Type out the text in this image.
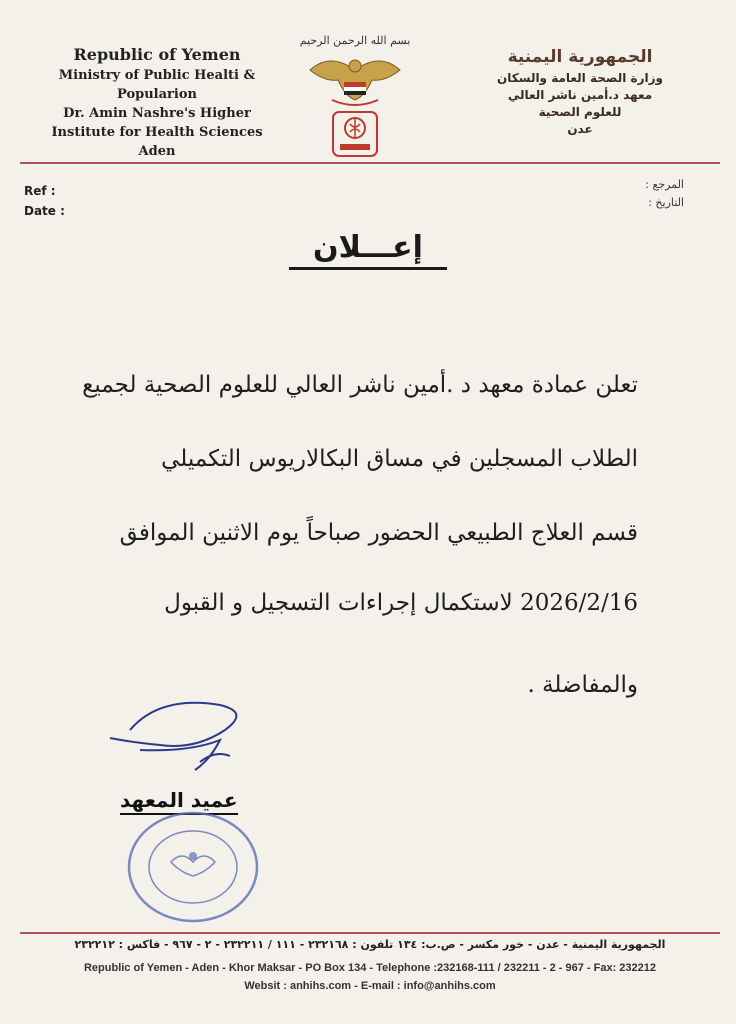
Republic of Yemen
Ministry of Public Healti & Popularion
Dr. Amin Nashre's Higher
Institute for Health Sciences
Aden
بسم الله الرحمن الرحيم
الجمهورية اليمنية
وزارة الصحة العامة والسكان
معهد د.أمين ناشر العالي
للعلوم الصحية
عدن
Ref :
Date :
المرجع :
التاريخ :
إعـــلان
تعلن عمادة معهد د .أمين ناشر العالي للعلوم الصحية لجميع
الطلاب المسجلين في مساق البكالاريوس التكميلي
قسم العلاج الطبيعي الحضور صباحاً يوم الاثنين الموافق
2026/2/16 لاستكمال إجراءات التسجيل و القبول
والمفاضلة .
عميد المعهد
الجمهورية اليمنية - عدن - خور مكسر - ص.ب: ١٣٤ تلفون : ٢٣٢١٦٨ - ١١١ / ٢٣٢٢١١ - ٢ - ٩٦٧ - فاكس : ٢٣٢٢١٢
Republic of Yemen - Aden - Khor Maksar - PO Box 134 - Telephone :232168-111 / 232211 - 2 - 967 - Fax: 232212
Websit : anhihs.com - E-mail : info@anhihs.com
